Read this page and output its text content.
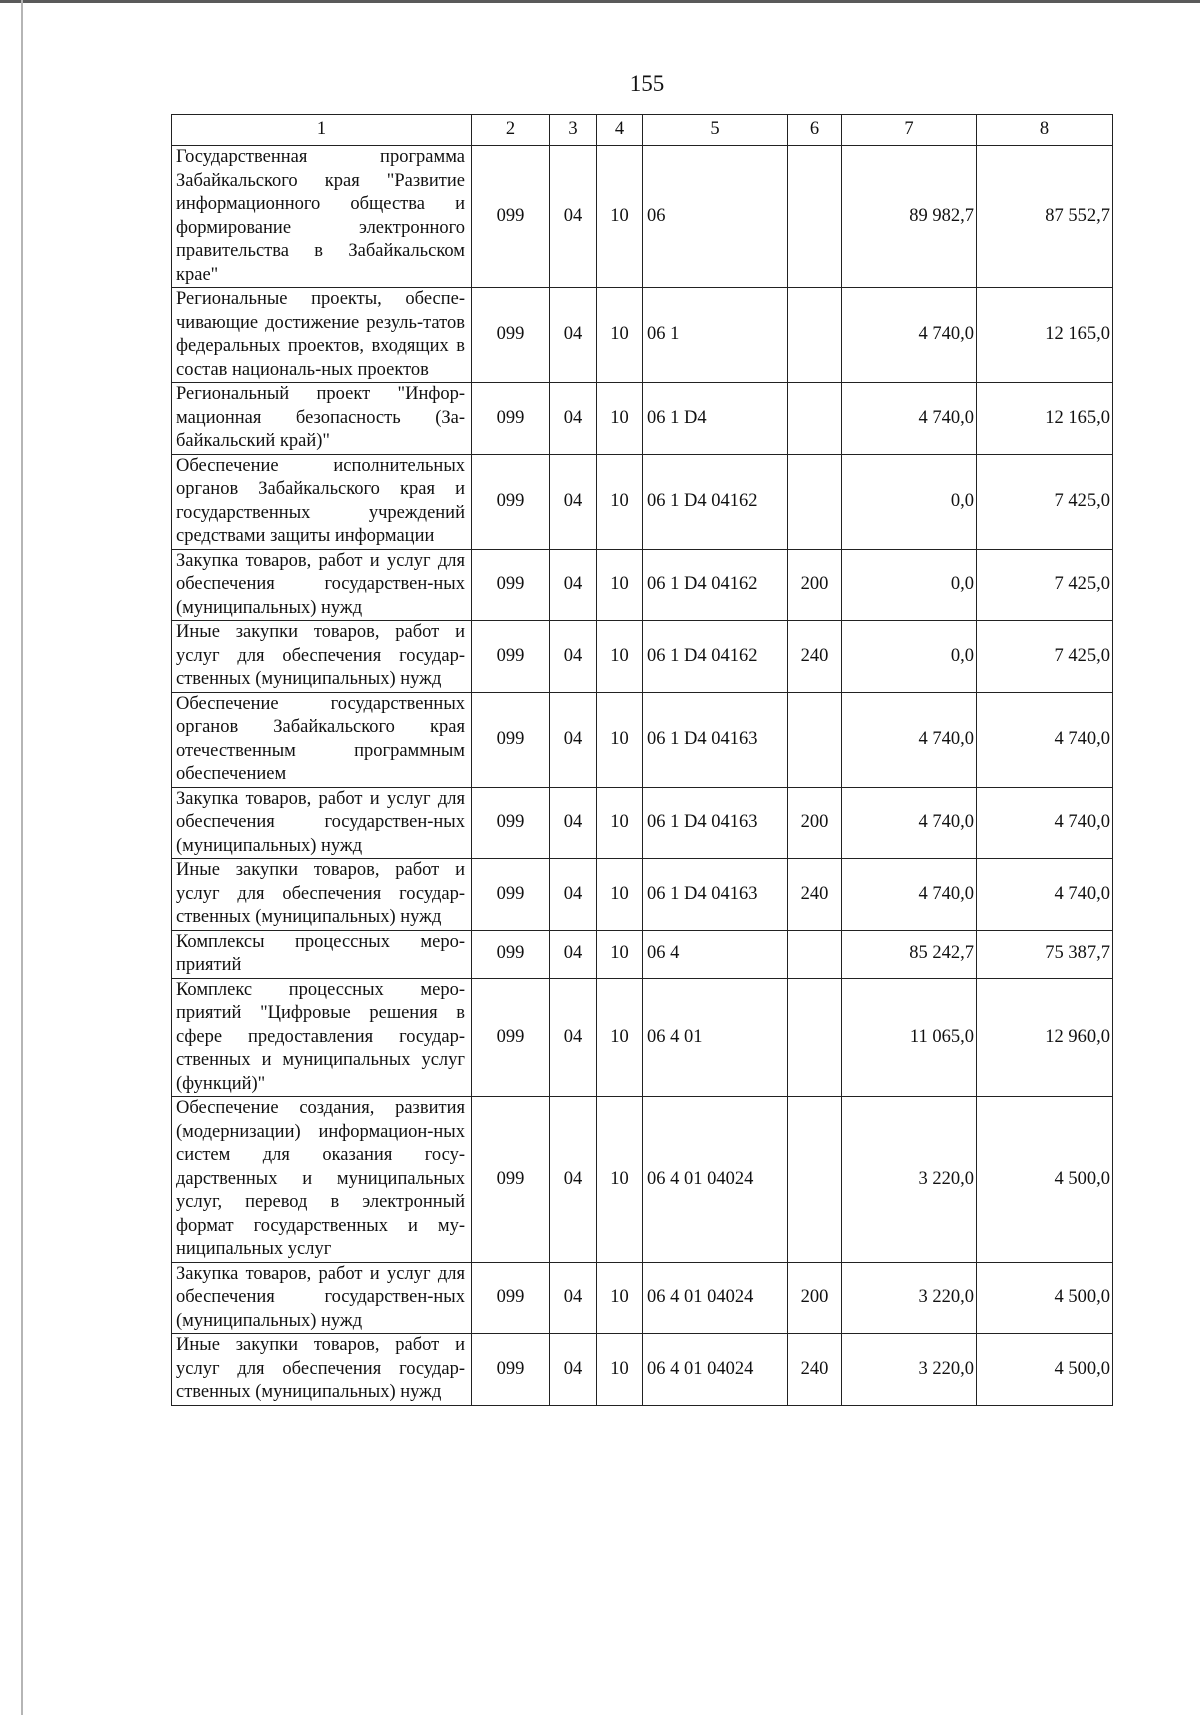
155
1	2	3	4	5	6	7	8
Государственная программа Забайкальского края "Развитие информационного общества и формирование электронного правительства в Забайкальском крае"	099	04	10	06		89 982,7	87 552,7
Региональные проекты, обеспе-чивающие достижение резуль-татов федеральных проектов, входящих в состав националь-ных проектов	099	04	10	06 1		4 740,0	12 165,0
Региональный проект "Инфор-мационная безопасность (За-байкальский край)"	099	04	10	06 1 D4		4 740,0	12 165,0
Обеспечение исполнительных органов Забайкальского края и государственных учреждений средствами защиты информации	099	04	10	06 1 D4 04162		0,0	7 425,0
Закупка товаров, работ и услуг для обеспечения государствен-ных (муниципальных) нужд	099	04	10	06 1 D4 04162	200	0,0	7 425,0
Иные закупки товаров, работ и услуг для обеспечения государ-ственных (муниципальных) нужд	099	04	10	06 1 D4 04162	240	0,0	7 425,0
Обеспечение государственных органов Забайкальского края отечественным программным обеспечением	099	04	10	06 1 D4 04163		4 740,0	4 740,0
Закупка товаров, работ и услуг для обеспечения государствен-ных (муниципальных) нужд	099	04	10	06 1 D4 04163	200	4 740,0	4 740,0
Иные закупки товаров, работ и услуг для обеспечения государ-ственных (муниципальных) нужд	099	04	10	06 1 D4 04163	240	4 740,0	4 740,0
Комплексы процессных меро-приятий	099	04	10	06 4		85 242,7	75 387,7
Комплекс процессных меро-приятий "Цифровые решения в сфере предоставления государ-ственных и муниципальных услуг (функций)"	099	04	10	06 4 01		11 065,0	12 960,0
Обеспечение создания, развития (модернизации) информацион-ных систем для оказания госу-дарственных и муниципальных услуг, перевод в электронный формат государственных и му-ниципальных услуг	099	04	10	06 4 01 04024		3 220,0	4 500,0
Закупка товаров, работ и услуг для обеспечения государствен-ных (муниципальных) нужд	099	04	10	06 4 01 04024	200	3 220,0	4 500,0
Иные закупки товаров, работ и услуг для обеспечения государ-ственных (муниципальных) нужд	099	04	10	06 4 01 04024	240	3 220,0	4 500,0
